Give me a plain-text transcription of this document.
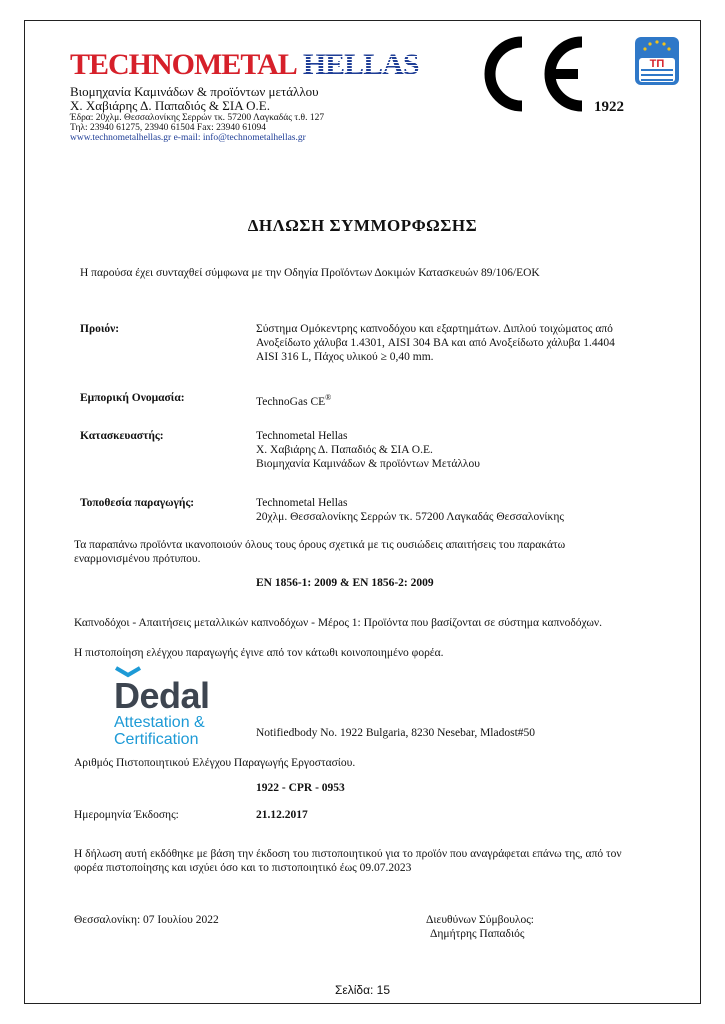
TECHNOMETAL HELLAS
Βιομηχανία Καμινάδων & προϊόντων μετάλλου
Χ. Χαβιάρης Δ. Παπαδιός & ΣΙΑ Ο.Ε.
Έδρα: 20χλμ. Θεσσαλονίκης Σερρών τκ. 57200 Λαγκαδάς τ.θ. 127
Τηλ: 23940 61275, 23940 61504 Fax: 23940 61094
www.technometalhellas.gr e-mail: info@technometalhellas.gr
1922
ΤΠ
ΔΗΛΩΣΗ ΣΥΜΜΟΡΦΩΣΗΣ
Η παρούσα έχει συνταχθεί σύμφωνα με την Οδηγία Προϊόντων Δοκιμών Κατασκευών 89/106/ΕΟΚ
Προιόν:	Σύστημα Ομόκεντρης καπνοδόχου και εξαρτημάτων. Διπλού τοιχώματος από
Ανοξείδωτο χάλυβα 1.4301, AISI 304 BA και από Ανοξείδωτο χάλυβα 1.4404
AISI 316 L, Πάχος υλικού ≥ 0,40 mm.
Εμπορική Ονομασία:	TechnoGas CE®
Κατασκευαστής:	Technometal Hellas
Χ. Χαβιάρης Δ. Παπαδιός & ΣΙΑ Ο.Ε.
Βιομηχανία Καμινάδων & προϊόντων Μετάλλου
Τοποθεσία παραγωγής:	Technometal Hellas
20χλμ. Θεσσαλονίκης Σερρών τκ. 57200 Λαγκαδάς Θεσσαλονίκης
Τα παραπάνω προϊόντα ικανοποιούν όλους τους όρους σχετικά με τις ουσιώδεις απαιτήσεις του παρακάτω
εναρμονισμένου πρότυπου.
EN 1856-1: 2009 & EN 1856-2: 2009
Καπνοδόχοι - Απαιτήσεις μεταλλικών καπνοδόχων - Μέρος 1: Προϊόντα που βασίζονται σε σύστημα καπνοδόχων.
Η πιστοποίηση ελέγχου παραγωγής έγινε από τον κάτωθι κοινοποιημένο φορέα.
Dedal
Attestation &
Certification	Notifiedbody No. 1922 Bulgaria, 8230 Nesebar, Mladost#50
Αριθμός Πιστοποιητικού Ελέγχου Παραγωγής Εργοστασίου.
1922 - CPR - 0953
Ημερομηνία Έκδοσης:	21.12.2017
Η δήλωση αυτή εκδόθηκε με βάση την έκδοση του πιστοποιητικού για το προϊόν που αναγράφεται επάνω της, από τον
φορέα πιστοποίησης και ισχύει όσο και το πιστοποιητικό έως 09.07.2023
Θεσσαλονίκη: 07 Ιουλίου 2022	Διευθύνων Σύμβουλος:
Δημήτρης Παπαδιός
Σελίδα: 15
